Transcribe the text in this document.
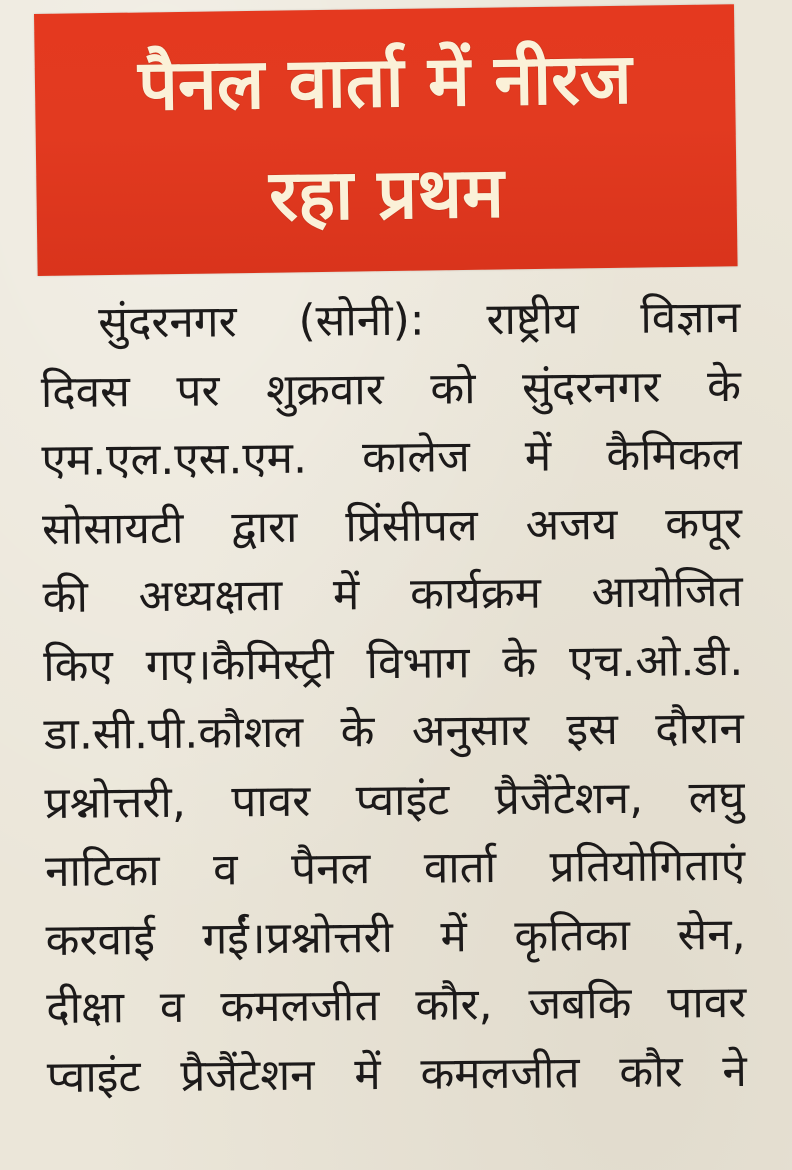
पैनल वार्ता में नीरज
रहा प्रथम
सुंदरनगर (सोनी): राष्ट्रीय विज्ञान
दिवस पर शुक्रवार को सुंदरनगर के
एम.एल.एस.एम. कालेज में कैमिकल
सोसायटी द्वारा प्रिंसीपल अजय कपूर
की अध्यक्षता में कार्यक्रम आयोजित
किए गए।कैमिस्ट्री विभाग के एच.ओ.डी.
डा.सी.पी.कौशल के अनुसार इस दौरान
प्रश्नोत्तरी, पावर प्वाइंट प्रैजैंटेशन, लघु
नाटिका व पैनल वार्ता प्रतियोगिताएं
करवाई गईं।प्रश्नोत्तरी में कृतिका सेन,
दीक्षा व कमलजीत कौर, जबकि पावर
प्वाइंट प्रैजैंटेशन में कमलजीत कौर ने
